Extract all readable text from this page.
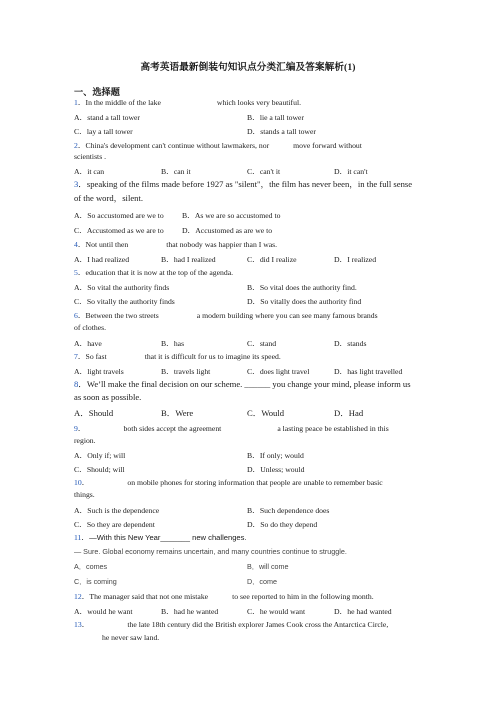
高考英语最新倒装句知识点分类汇编及答案解析(1)
一、选择题
1．In the middle of the lake	which looks very beautiful.
A．stand a tall tower	B．lie a tall tower
C．lay a tall tower	D．stands a tall tower
2．China's development can't continue without lawmakers, nor	move forward without
scientists .
A．it can	B．can it	C．can't it	D．it can't
3．speaking of the films made before 1927 as "silent"，the film has never been，in the full sense
of the word，silent.
A．So accustomed are we to B．As we are so accustomed to
C．Accustomed as we are to D．Accustomed as are we to
4．Not until then	that nobody was happier than I was.
A．I had realized	B．had I realized	C．did I realize	D．I realized
5．education that it is now at the top of the agenda.
A．So vital the authority finds	B．So vital does the authority find.
C．So vitally the authority finds	D．So vitally does the authority find
6．Between the two streets	a modern building where you can see many famous brands
of clothes.
A．have	B．has	C．stand	D．stands
7．So fast	that it is difficult for us to imagine its speed.
A．light travels	B．travels light	C．does light travel	D．has light travelled
8．We’ll make the final decision on our scheme. ______ you change your mind, please inform us
as soon as possible.
A．Should	B．Were	C．Would	D．Had
9．	both sides accept the agreement	a lasting peace be established in this
region.
A．Only if; will	B．If only; would
C．Should; will	D．Unless; would
10．	on mobile phones for storing information that people are unable to remember basic
things.
A．Such is the dependence	B．Such dependence does
C．So they are dependent	D．So do they depend
11．—With this New Year_______ new challenges.
— Sure. Global economy remains uncertain, and many countries continue to struggle.
A．comes	B．will come
C．is coming	D．come
12．The manager said that not one mistake	to see reported to him in the following month.
A．would he want	B．had he wanted	C．he would want	D．he had wanted
13．	the late 18th century did the British explorer James Cook cross the Antarctica Circle,
he never saw land.
